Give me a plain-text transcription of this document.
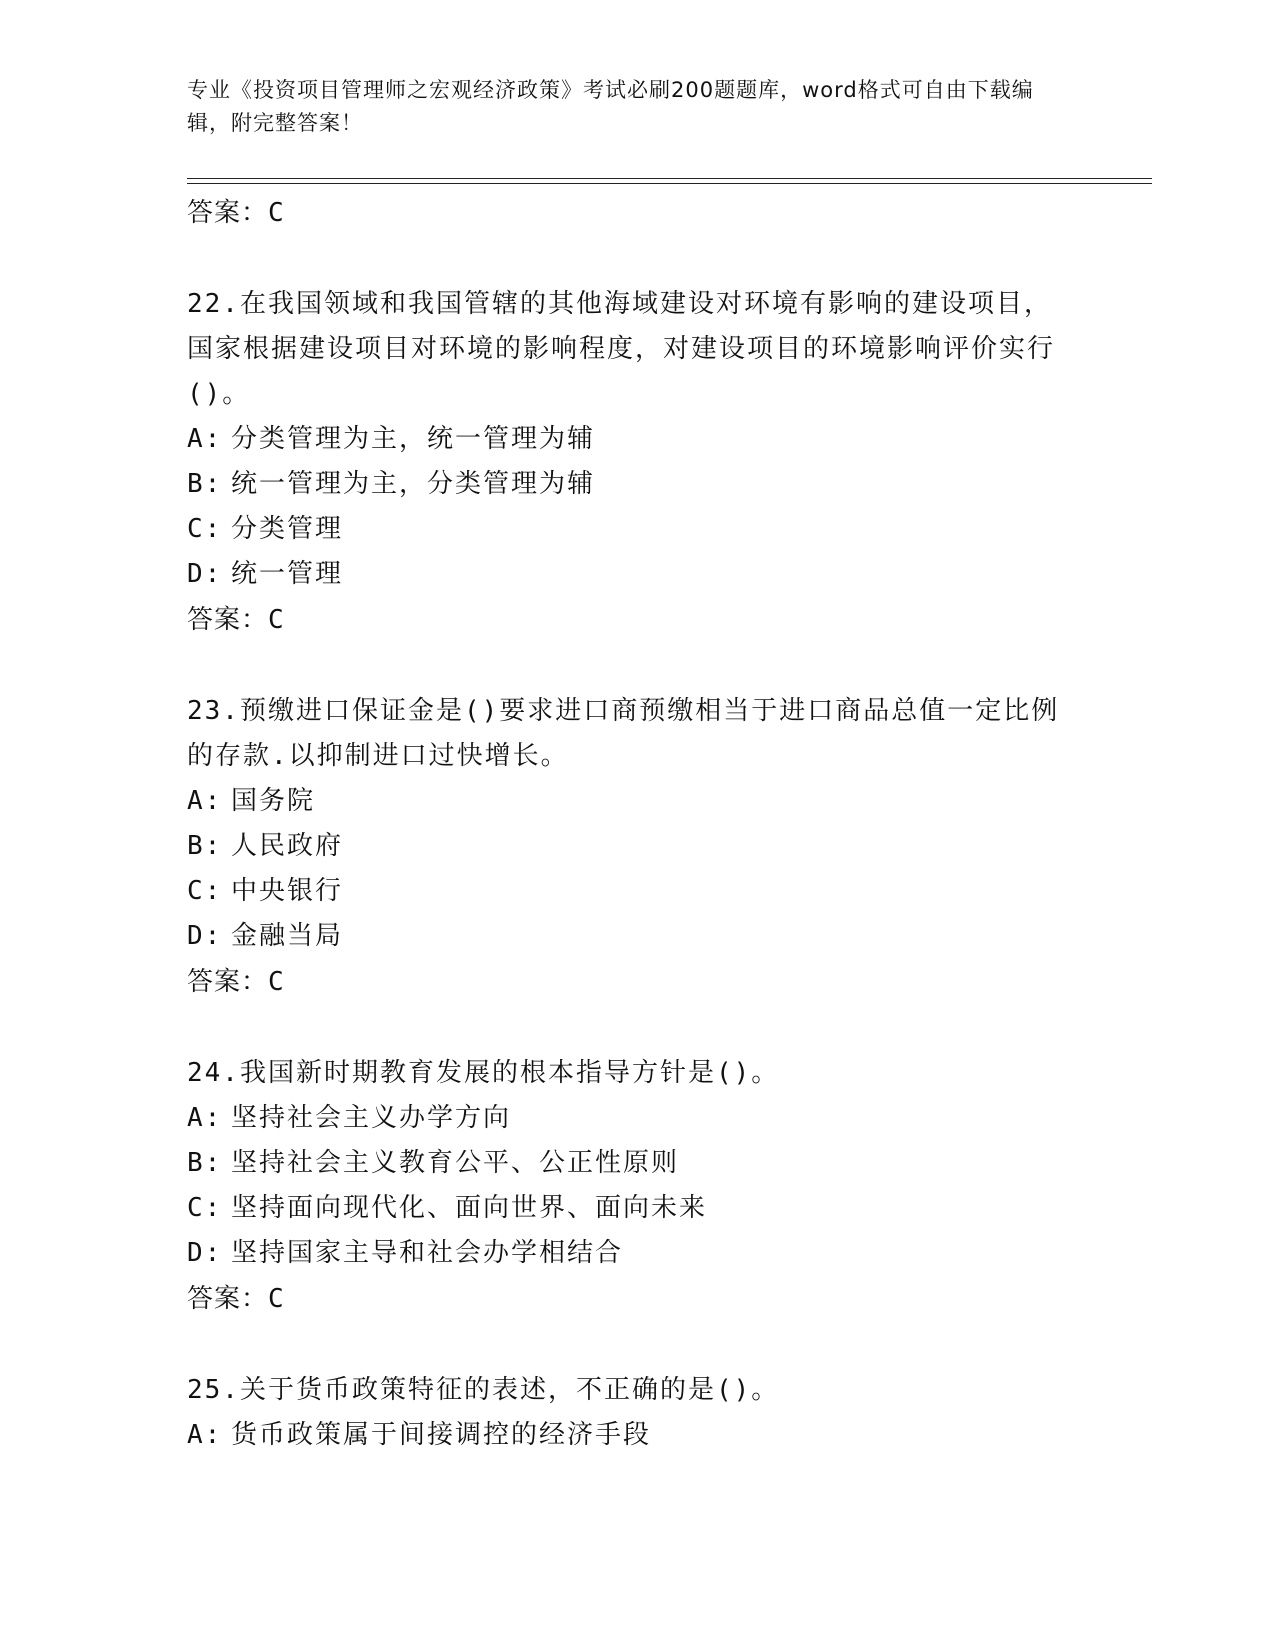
专业《投资项目管理师之宏观经济政策》考试必刷200题题库，word格式可自由下载编辑，附完整答案！
答案：C
22.在我国领域和我国管辖的其他海域建设对环境有影响的建设项目，国家根据建设项目对环境的影响程度，对建设项目的环境影响评价实行()。
A: 分类管理为主，统一管理为辅
B: 统一管理为主，分类管理为辅
C: 分类管理
D: 统一管理
答案：C
23.预缴进口保证金是()要求进口商预缴相当于进口商品总值一定比例的存款.以抑制进口过快增长。
A: 国务院
B: 人民政府
C: 中央银行
D: 金融当局
答案：C
24.我国新时期教育发展的根本指导方针是()。
A: 坚持社会主义办学方向
B: 坚持社会主义教育公平、公正性原则
C: 坚持面向现代化、面向世界、面向未来
D: 坚持国家主导和社会办学相结合
答案：C
25.关于货币政策特征的表述，不正确的是()。
A: 货币政策属于间接调控的经济手段
